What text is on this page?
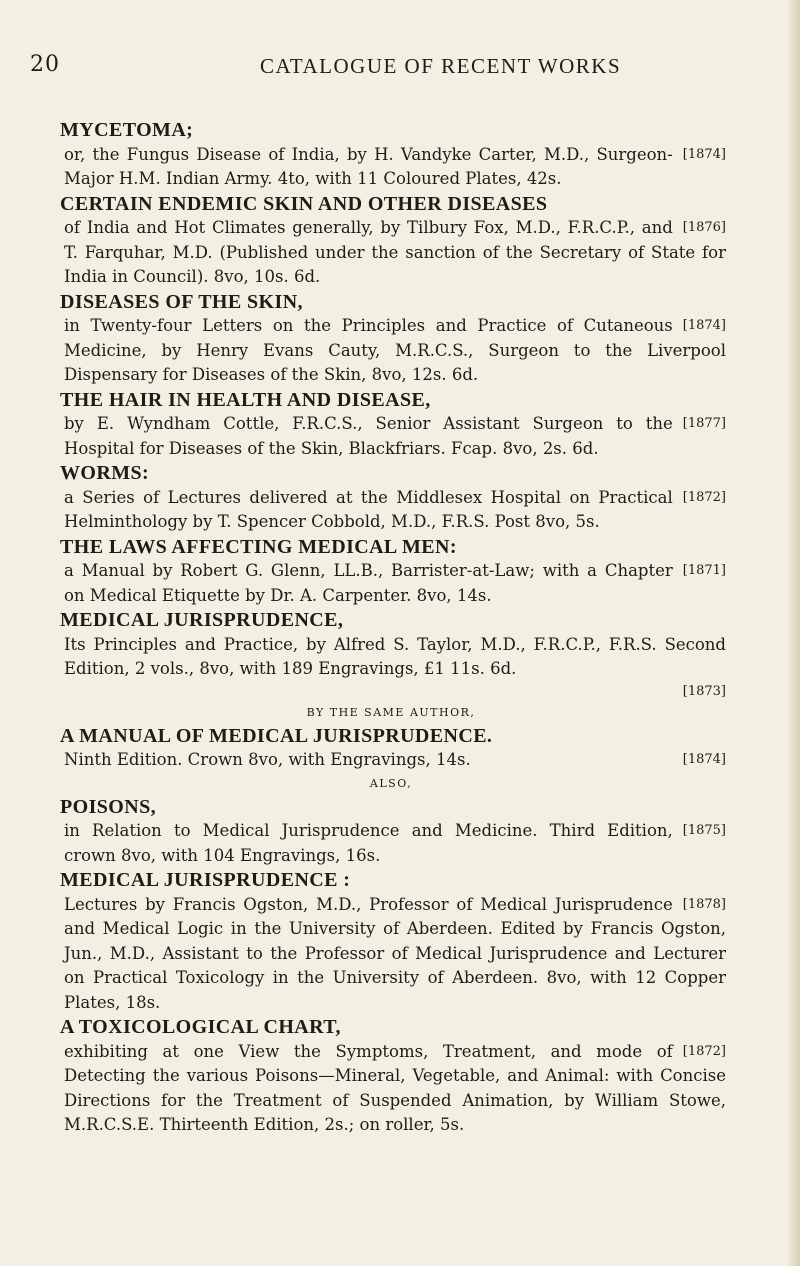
20	CATALOGUE OF RECENT WORKS
MYCETOMA;
[1874]
or, the Fungus Disease of India, by H. Vandyke Carter, M.D., Surgeon-Major H.M. Indian Army. 4to, with 11 Coloured Plates, 42s.
CERTAIN ENDEMIC SKIN AND OTHER DISEASES
[1876]
of India and Hot Climates generally, by Tilbury Fox, M.D., F.R.C.P., and T. Farquhar, M.D. (Published under the sanction of the Secretary of State for India in Council). 8vo, 10s. 6d.
DISEASES OF THE SKIN,
[1874]
in Twenty-four Letters on the Principles and Practice of Cutaneous Medicine, by Henry Evans Cauty, M.R.C.S., Surgeon to the Liverpool Dispensary for Diseases of the Skin, 8vo, 12s. 6d.
THE HAIR IN HEALTH AND DISEASE,
[1877]
by E. Wyndham Cottle, F.R.C.S., Senior Assistant Surgeon to the Hospital for Diseases of the Skin, Blackfriars. Fcap. 8vo, 2s. 6d.
WORMS:
[1872]
a Series of Lectures delivered at the Middlesex Hospital on Practical Helminthology by T. Spencer Cobbold, M.D., F.R.S. Post 8vo, 5s.
THE LAWS AFFECTING MEDICAL MEN:
[1871]
a Manual by Robert G. Glenn, LL.B., Barrister-at-Law; with a Chapter on Medical Etiquette by Dr. A. Carpenter. 8vo, 14s.
MEDICAL JURISPRUDENCE,
Its Principles and Practice, by Alfred S. Taylor, M.D., F.R.C.P., F.R.S. Second Edition, 2 vols., 8vo, with 189 Engravings, £1 11s. 6d.
[1873]
BY THE SAME AUTHOR,
A MANUAL OF MEDICAL JURISPRUDENCE.
[1874]
Ninth Edition. Crown 8vo, with Engravings, 14s.
ALSO,
POISONS,
[1875]
in Relation to Medical Jurisprudence and Medicine. Third Edition, crown 8vo, with 104 Engravings, 16s.
MEDICAL JURISPRUDENCE :
[1878]
Lectures by Francis Ogston, M.D., Professor of Medical Jurisprudence and Medical Logic in the University of Aberdeen. Edited by Francis Ogston, Jun., M.D., Assistant to the Professor of Medical Jurisprudence and Lecturer on Practical Toxicology in the University of Aberdeen. 8vo, with 12 Copper Plates, 18s.
A TOXICOLOGICAL CHART,
[1872]
exhibiting at one View the Symptoms, Treatment, and mode of Detecting the various Poisons—Mineral, Vegetable, and Animal: with Concise Directions for the Treatment of Suspended Animation, by William Stowe, M.R.C.S.E. Thirteenth Edition, 2s.; on roller, 5s.
